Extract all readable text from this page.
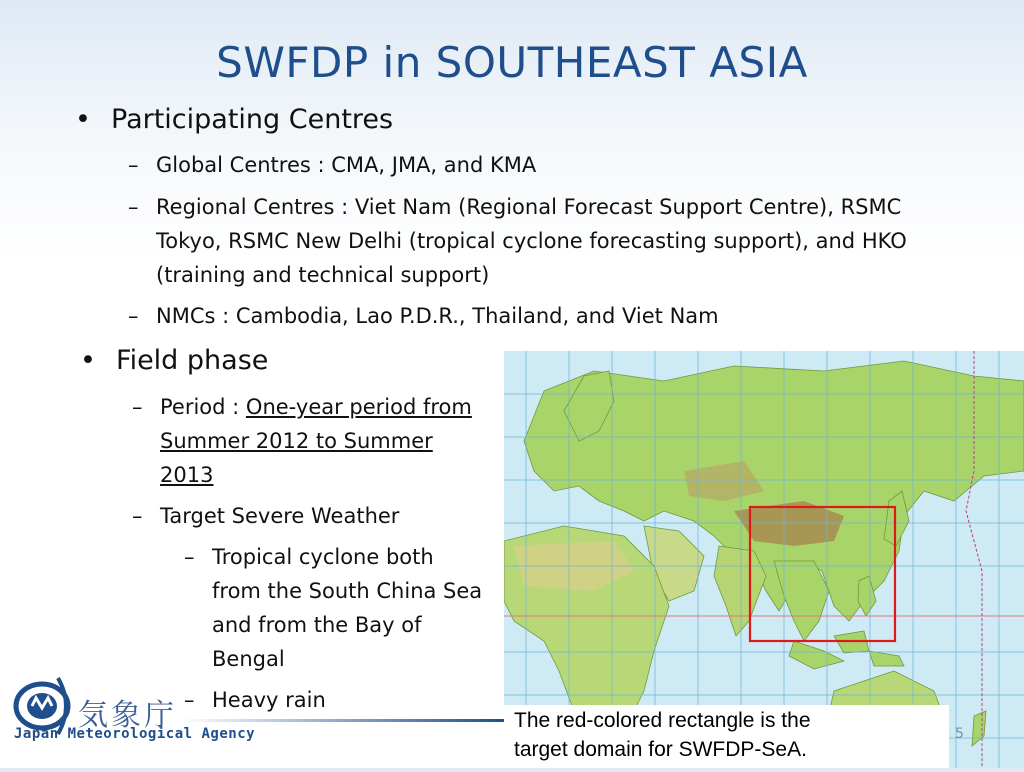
SWFDP in SOUTHEAST ASIA
• Participating Centres
– Global Centres : CMA, JMA, and KMA
– Regional Centres : Viet Nam (Regional Forecast Support Centre), RSMC
Tokyo, RSMC New Delhi (tropical cyclone forecasting support), and HKO
(training and technical support)
– NMCs : Cambodia, Lao P.D.R., Thailand, and Viet Nam
• Field phase
– Period : One-year period from
Summer 2012 to Summer
2013
– Target Severe Weather
– Tropical cyclone both
from the South China Sea
and from the Bay of
Bengal
– Heavy rain
The red-colored rectangle is the
target domain for SWFDP-SeA.
5
気象庁
Japan Meteorological Agency
